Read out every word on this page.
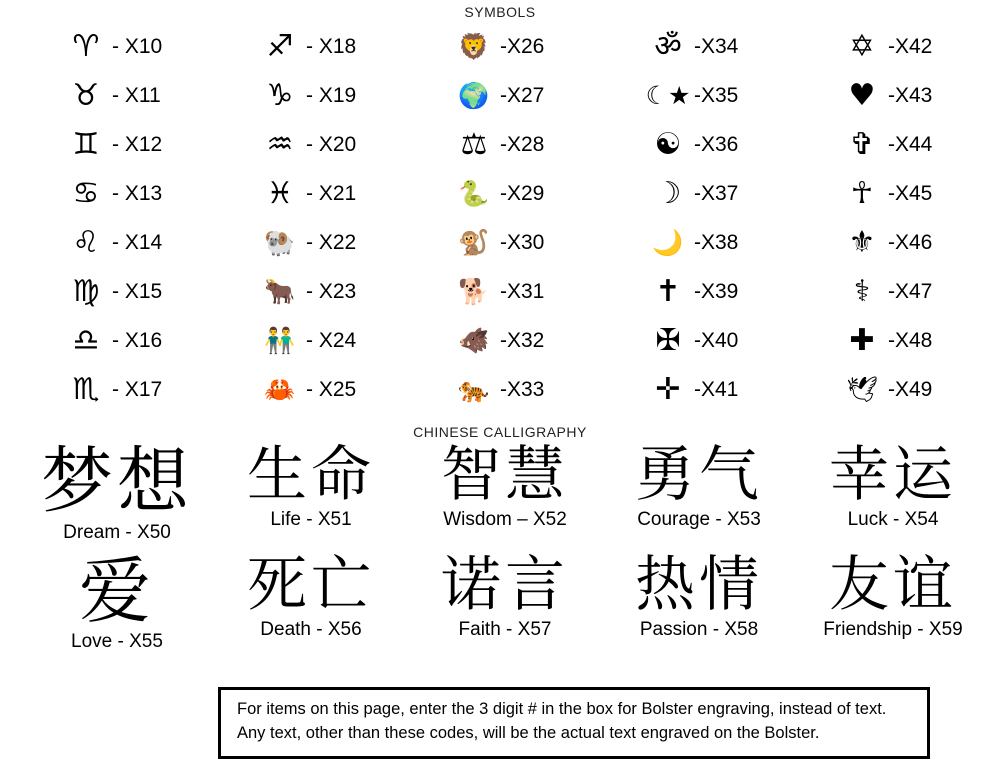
SYMBOLS
♈ - X10	♐ - X18	🦁 -X26	ॐ -X34	✡ -X42
♉ - X11	♑ - X19	🌍 -X27	☾★ -X35	♥ -X43
♊ - X12	♒ - X20	⚖ -X28	☯ -X36	✞ -X44
♋ - X13	♓ - X21	🐍 -X29	☽ -X37	☥ -X45
♌ - X14	🐏 - X22	🐒 -X30	🌙 -X38	⚜ -X46
♍ - X15	🐂 - X23	🐕 -X31	✝ -X39	⚕ -X47
♎ - X16	👬 - X24	🐗 -X32	✠ -X40	✚ -X48
♏ - X17	🦀 - X25	🐅 -X33	✛ -X41	🕊 -X49
CHINESE CALLIGRAPHY
梦想
Dream - X50
生命
Life - X51
智慧
Wisdom – X52
勇气
Courage - X53
幸运
Luck - X54
爱
Love - X55
死亡
Death - X56
诺言
Faith - X57
热情
Passion - X58
友谊
Friendship - X59
For items on this page, enter the 3 digit # in the box for Bolster engraving, instead of text.
Any text, other than these codes, will be the actual text engraved on the Bolster.
